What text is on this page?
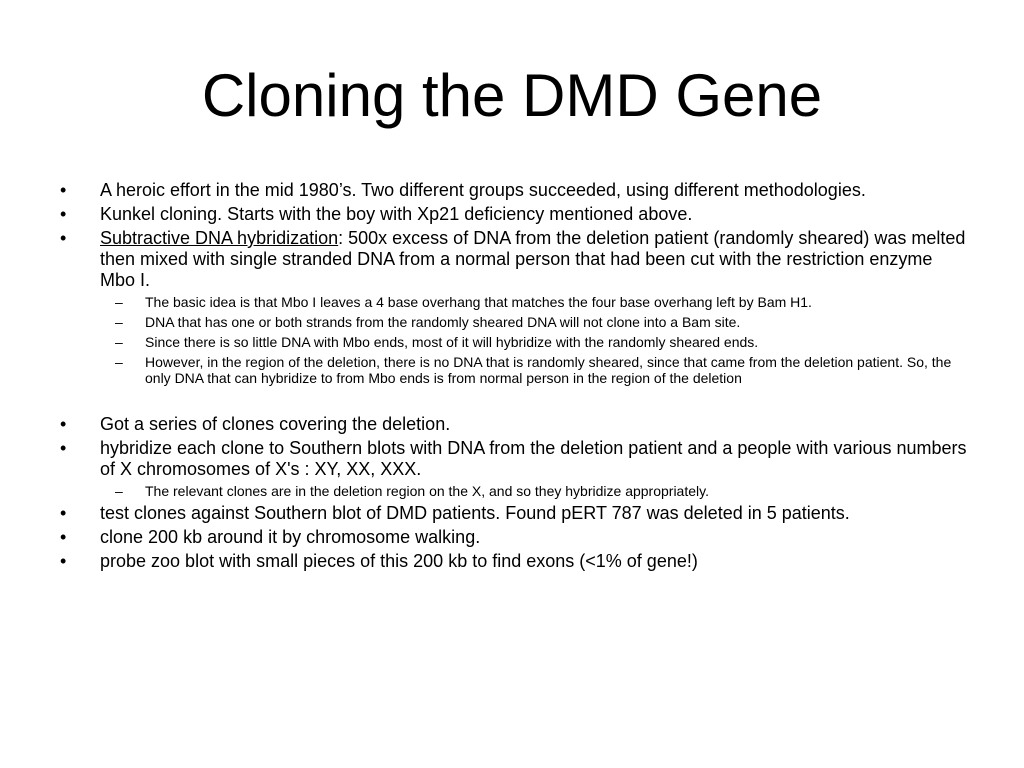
Cloning the DMD Gene
• A heroic effort in the mid 1980’s. Two different groups succeeded, using different methodologies.
• Kunkel cloning. Starts with the boy with Xp21 deficiency mentioned above.
• Subtractive DNA hybridization: 500x excess of DNA from the deletion patient (randomly sheared) was melted then mixed with single stranded DNA from a normal person that had been cut with the restriction enzyme Mbo I.
– The basic idea is that Mbo I leaves a 4 base overhang that matches the four base overhang left by Bam H1.
– DNA that has one or both strands from the randomly sheared DNA will not clone into a Bam site.
– Since there is so little DNA with Mbo ends, most of it will hybridize with the randomly sheared ends.
– However, in the region of the deletion, there is no DNA that is randomly sheared, since that came from the deletion patient. So, the only DNA that can hybridize to from Mbo ends is from normal person in the region of the deletion
• Got a series of clones covering the deletion.
• hybridize each clone to Southern blots with DNA from the deletion patient and a people with various numbers of X chromosomes of X's : XY, XX, XXX.
– The relevant clones are in the deletion region on the X, and so they hybridize appropriately.
• test clones against Southern blot of DMD patients. Found pERT 787 was deleted in 5 patients.
• clone 200 kb around it by chromosome walking.
• probe zoo blot with small pieces of this 200 kb to find exons (<1% of gene!)
